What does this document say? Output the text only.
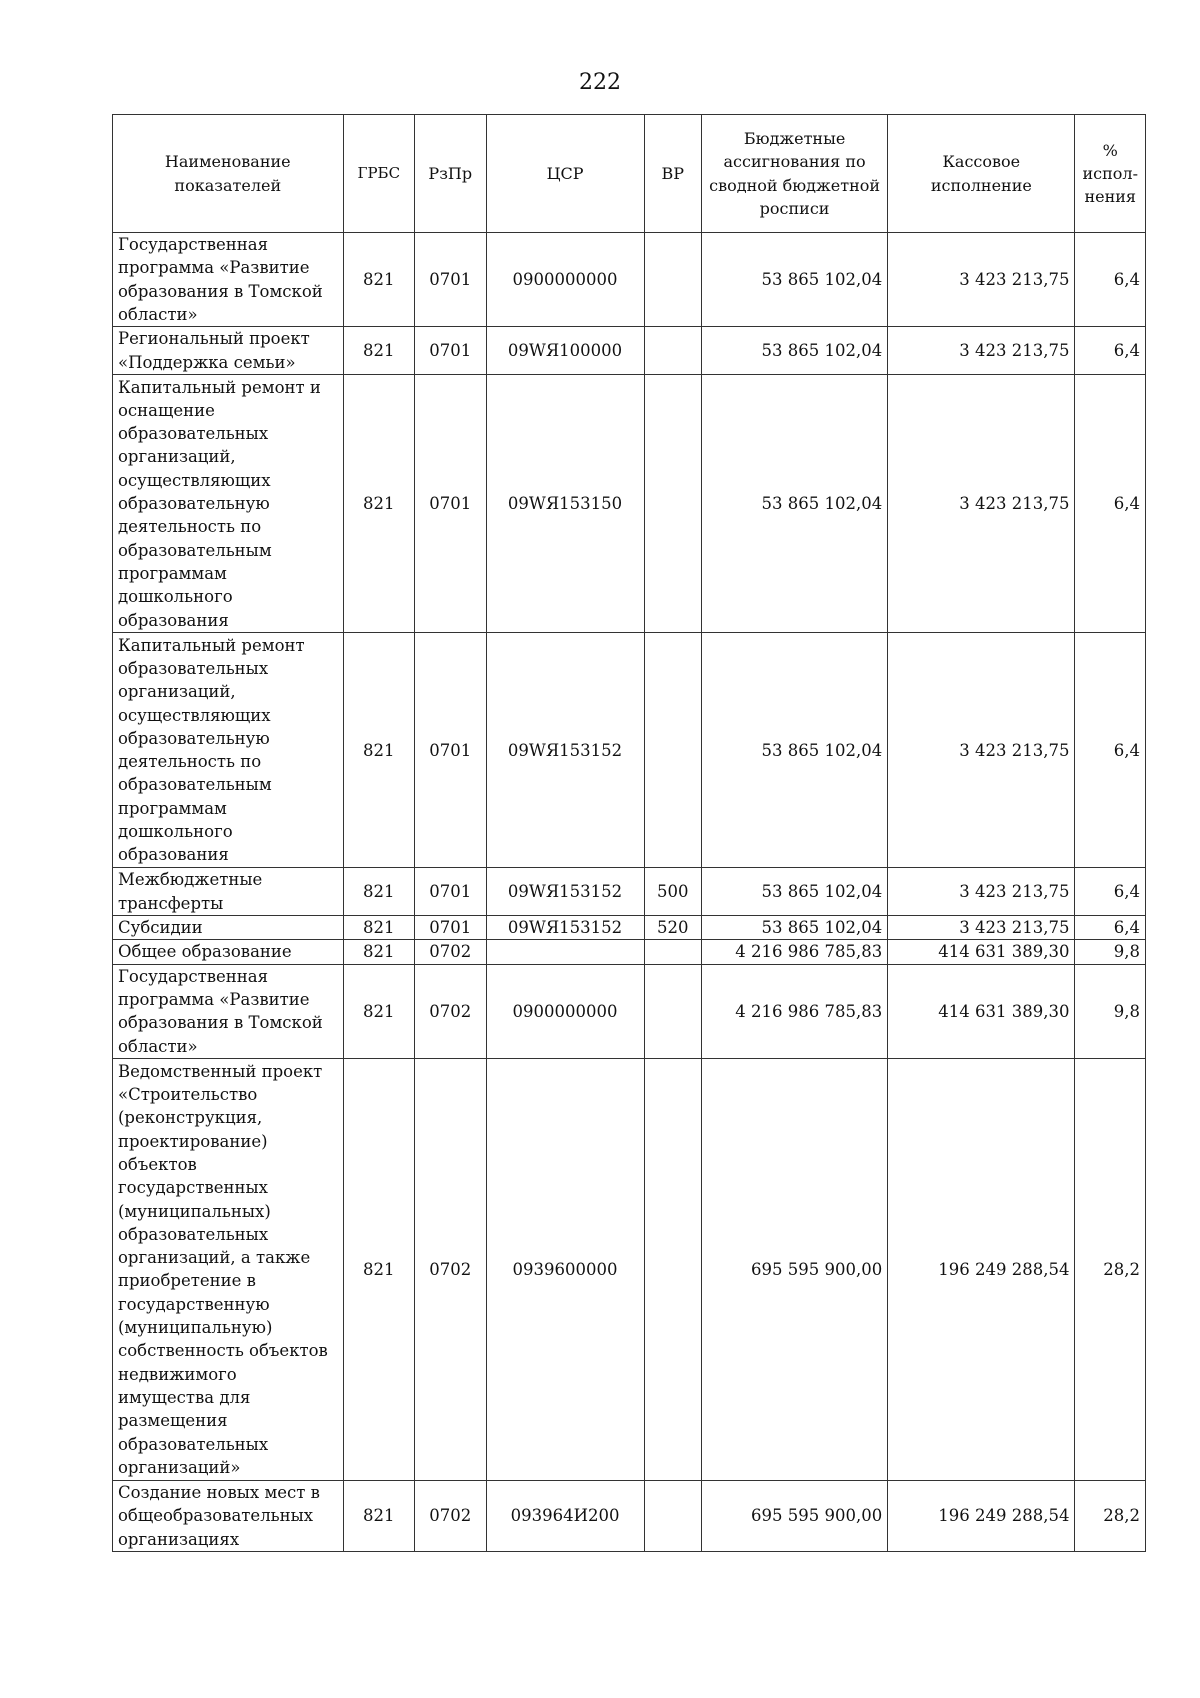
222
Наименование показателей	ГРБС	РзПр	ЦСР	ВР	Бюджетные ассигнования по сводной бюджетной росписи	Кассовое исполнение	% испол-нения
Государственная программа «Развитие образования в Томской области»	821	0701	0900000000		53 865 102,04	3 423 213,75	6,4
Региональный проект «Поддержка семьи»	821	0701	09WЯ100000		53 865 102,04	3 423 213,75	6,4
Капитальный ремонт и оснащение образовательных организаций, осуществляющих образовательную деятельность по образовательным программам дошкольного образования	821	0701	09WЯ153150		53 865 102,04	3 423 213,75	6,4
Капитальный ремонт образовательных организаций, осуществляющих образовательную деятельность по образовательным программам дошкольного образования	821	0701	09WЯ153152		53 865 102,04	3 423 213,75	6,4
Межбюджетные трансферты	821	0701	09WЯ153152	500	53 865 102,04	3 423 213,75	6,4
Субсидии	821	0701	09WЯ153152	520	53 865 102,04	3 423 213,75	6,4
Общее образование	821	0702			4 216 986 785,83	414 631 389,30	9,8
Государственная программа «Развитие образования в Томской области»	821	0702	0900000000		4 216 986 785,83	414 631 389,30	9,8
Ведомственный проект «Строительство (реконструкция, проектирование) объектов государственных (муниципальных) образовательных организаций, а также приобретение в государственную (муниципальную) собственность объектов недвижимого имущества для размещения образовательных организаций»	821	0702	0939600000		695 595 900,00	196 249 288,54	28,2
Создание новых мест в общеобразовательных организациях	821	0702	093964И200		695 595 900,00	196 249 288,54	28,2
